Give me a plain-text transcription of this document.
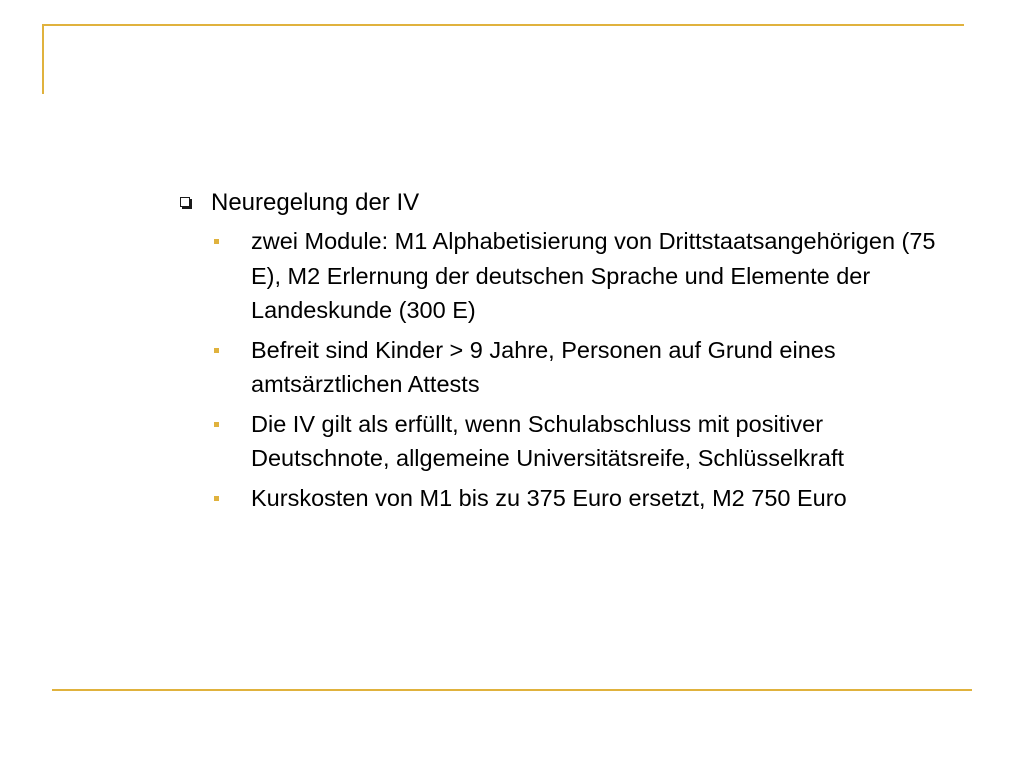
Neuregelung der IV
zwei Module: M1 Alphabetisierung von Drittstaatsangehörigen (75 E), M2 Erlernung der deutschen Sprache und Elemente der Landeskunde (300 E)
Befreit sind Kinder > 9 Jahre, Personen auf Grund eines amtsärztlichen Attests
Die IV gilt als erfüllt, wenn Schulabschluss mit positiver Deutschnote, allgemeine Universitätsreife, Schlüsselkraft
Kurskosten von M1 bis zu 375 Euro ersetzt, M2 750 Euro
